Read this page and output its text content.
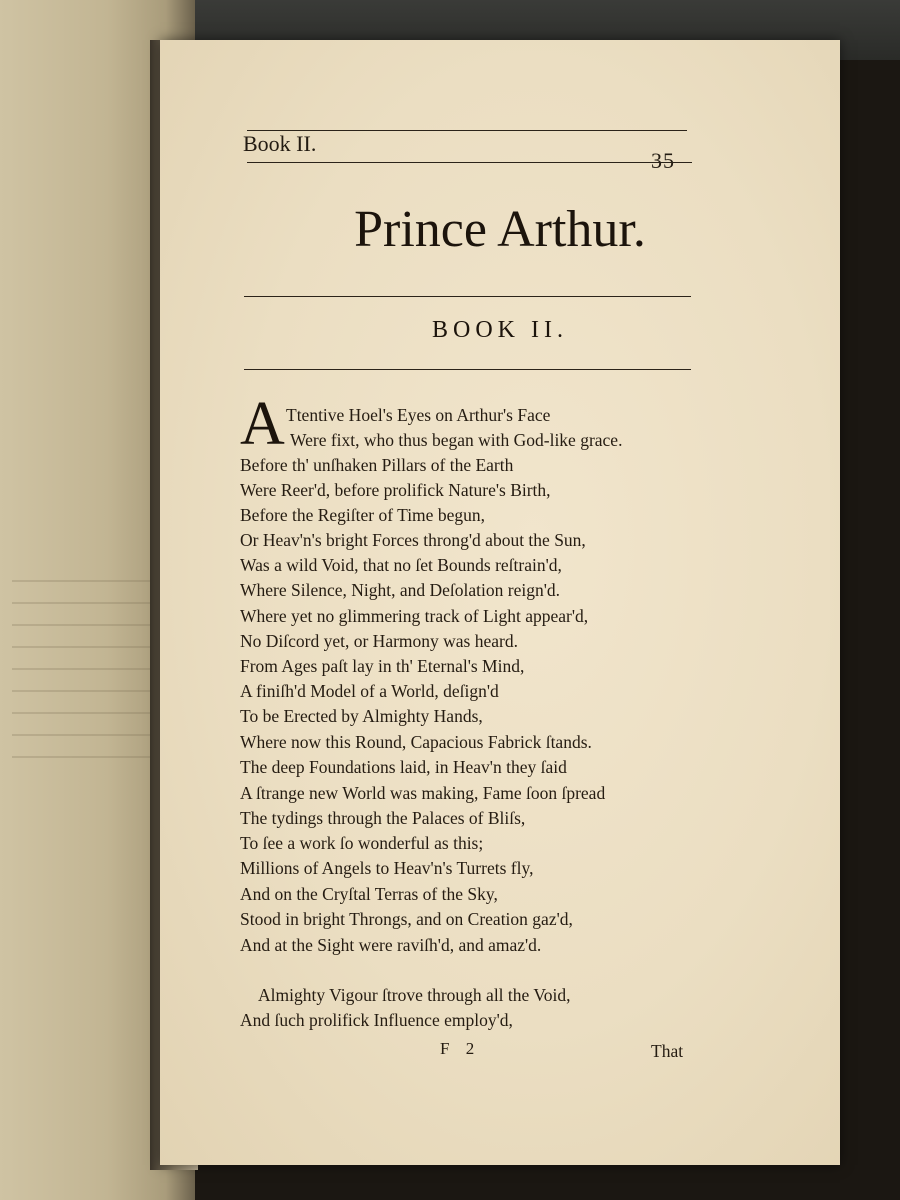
Book II.
35
Prince Arthur.
BOOK II.
A Ttentive Hoel's Eyes on Arthur's Face
Were fixt, who thus began with God-like grace.
Before th' unſhaken Pillars of the Earth
Were Reer'd, before prolifick Nature's Birth,
Before the Regiſter of Time begun,
Or Heav'n's bright Forces throng'd about the Sun,
Was a wild Void, that no ſet Bounds reſtrain'd,
Where Silence, Night, and Deſolation reign'd.
Where yet no glimmering track of Light appear'd,
No Diſcord yet, or Harmony was heard.
From Ages paſt lay in th' Eternal's Mind,
A finiſh'd Model of a World, deſign'd
To be Erected by Almighty Hands,
Where now this Round, Capacious Fabrick ſtands.
The deep Foundations laid, in Heav'n they ſaid
A ſtrange new World was making, Fame ſoon ſpread
The tydings through the Palaces of Bliſs,
To ſee a work ſo wonderful as this;
Millions of Angels to Heav'n's Turrets fly,
And on the Cryſtal Terras of the Sky,
Stood in bright Throngs, and on Creation gaz'd,
And at the Sight were raviſh'd, and amaz'd.
Almighty Vigour ſtrove through all the Void,
And ſuch prolifick Influence employ'd,
F 2	That
